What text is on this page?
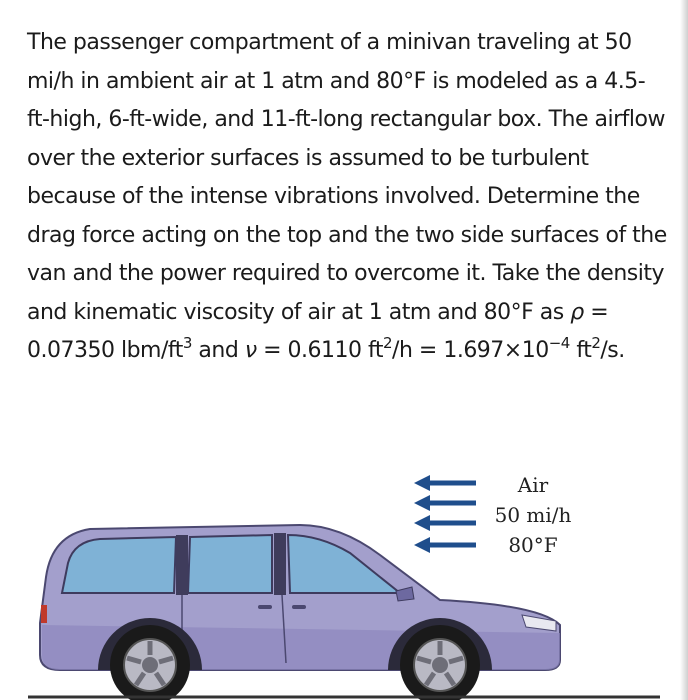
The passenger compartment of a minivan traveling at 50 mi/h in ambient air at 1 atm and 80°F is modeled as a 4.5-ft-high, 6-ft-wide, and 11-ft-long rectangular box. The airflow over the exterior surfaces is assumed to be turbulent because of the intense vibrations involved. Determine the drag force acting on the top and the two side surfaces of the van and the power required to overcome it. Take the density and kinematic viscosity of air at 1 atm and 80°F as ρ = 0.07350 lbm/$ft^3$ and ν = 0.6110 $ft^2/h = 1.697\times 10^{-4}$ $ft^2/s$.

Air
50 mi/h
80°F
